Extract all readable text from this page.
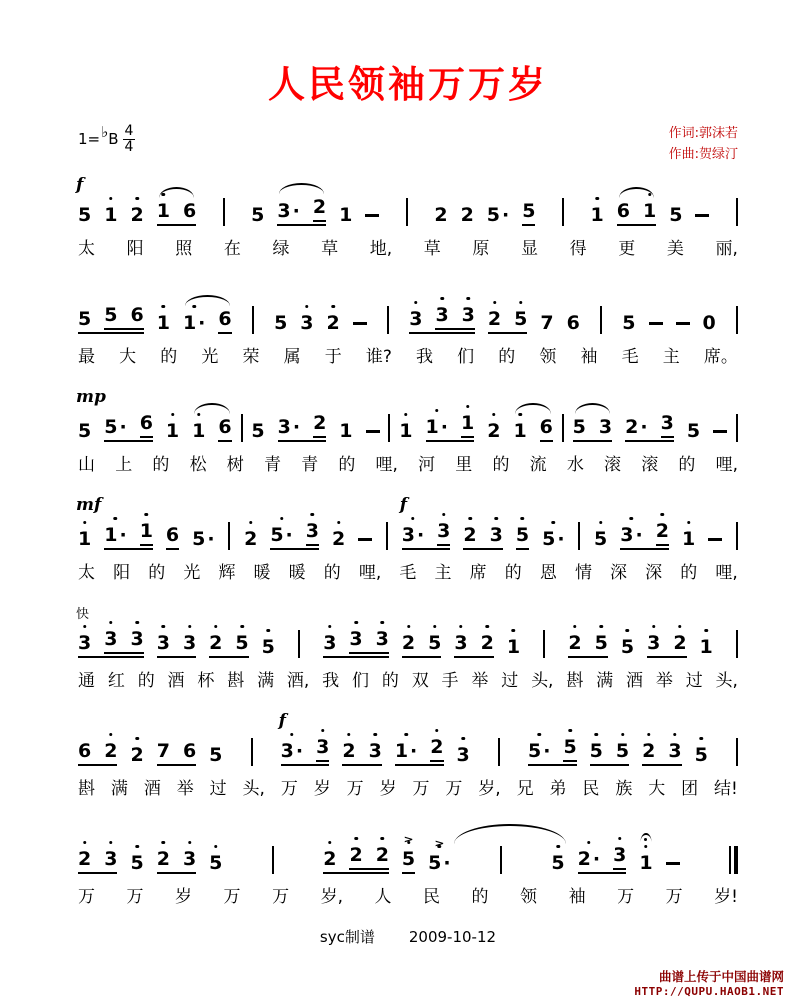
人民领袖万万岁
1= ♭ B $\frac{4}{4}$	作词:郭沫若
作曲:贺绿汀
f
5 1 2 1 6	5 3 · 2 1	2 2 5 · 5	1 6 1 5
太 阳 照 在 绿 草 地, 草 原 显 得 更 美 丽,
5 5 6 1 1 · 6 5 3 2	3 3 3 2 5 7 6 5	0
最 大 的 光 荣 属 于 谁? 我 们 的 领 袖 毛 主 席。
mp
5 5 · 6 1 1 6 5 3 · 2 1 1 1 · 1 2 1 6 5 3 2 · 3 5
山 上 的 松 树 青 青 的 哩, 河 里 的 流 水 滚 滚 的 哩,
mf
1 1 · 1 6 5 · 2 5 · 3 2
f
3 · 3 2 3 5 5 · 5 3 · 2 1
太 阳 的 光 辉 暖 暖 的 哩, 毛 主 席 的 恩 情 深 深 的 哩,
快
3 3 3 3 3 2 5 5	3 3 3 2 5 3 2 1	2 5 5 3 2 1
通 红 的 酒 杯 斟 满 酒, 我 们 的 双 手 举 过 头, 斟 满 酒 举 过 头,
6 2 2 7 6 5
f
3 · 3 2 3 1 · 2 3	5 · 5 5 5 2 3 5
斟 满 酒 举 过 头, 万 岁 万 岁 万 万 岁, 兄 弟 民 族 大 团 结!
2 3 5 2 3 5	2 2 2 5
>
5 ·
>
5 2 · 3 1
万 万 岁 万 万 岁, 人 民 的 领 袖 万 万 岁!
syc制谱 2009-10-12
曲谱上传于中国曲谱网
HTTP://QUPU.HAOB1.NET
